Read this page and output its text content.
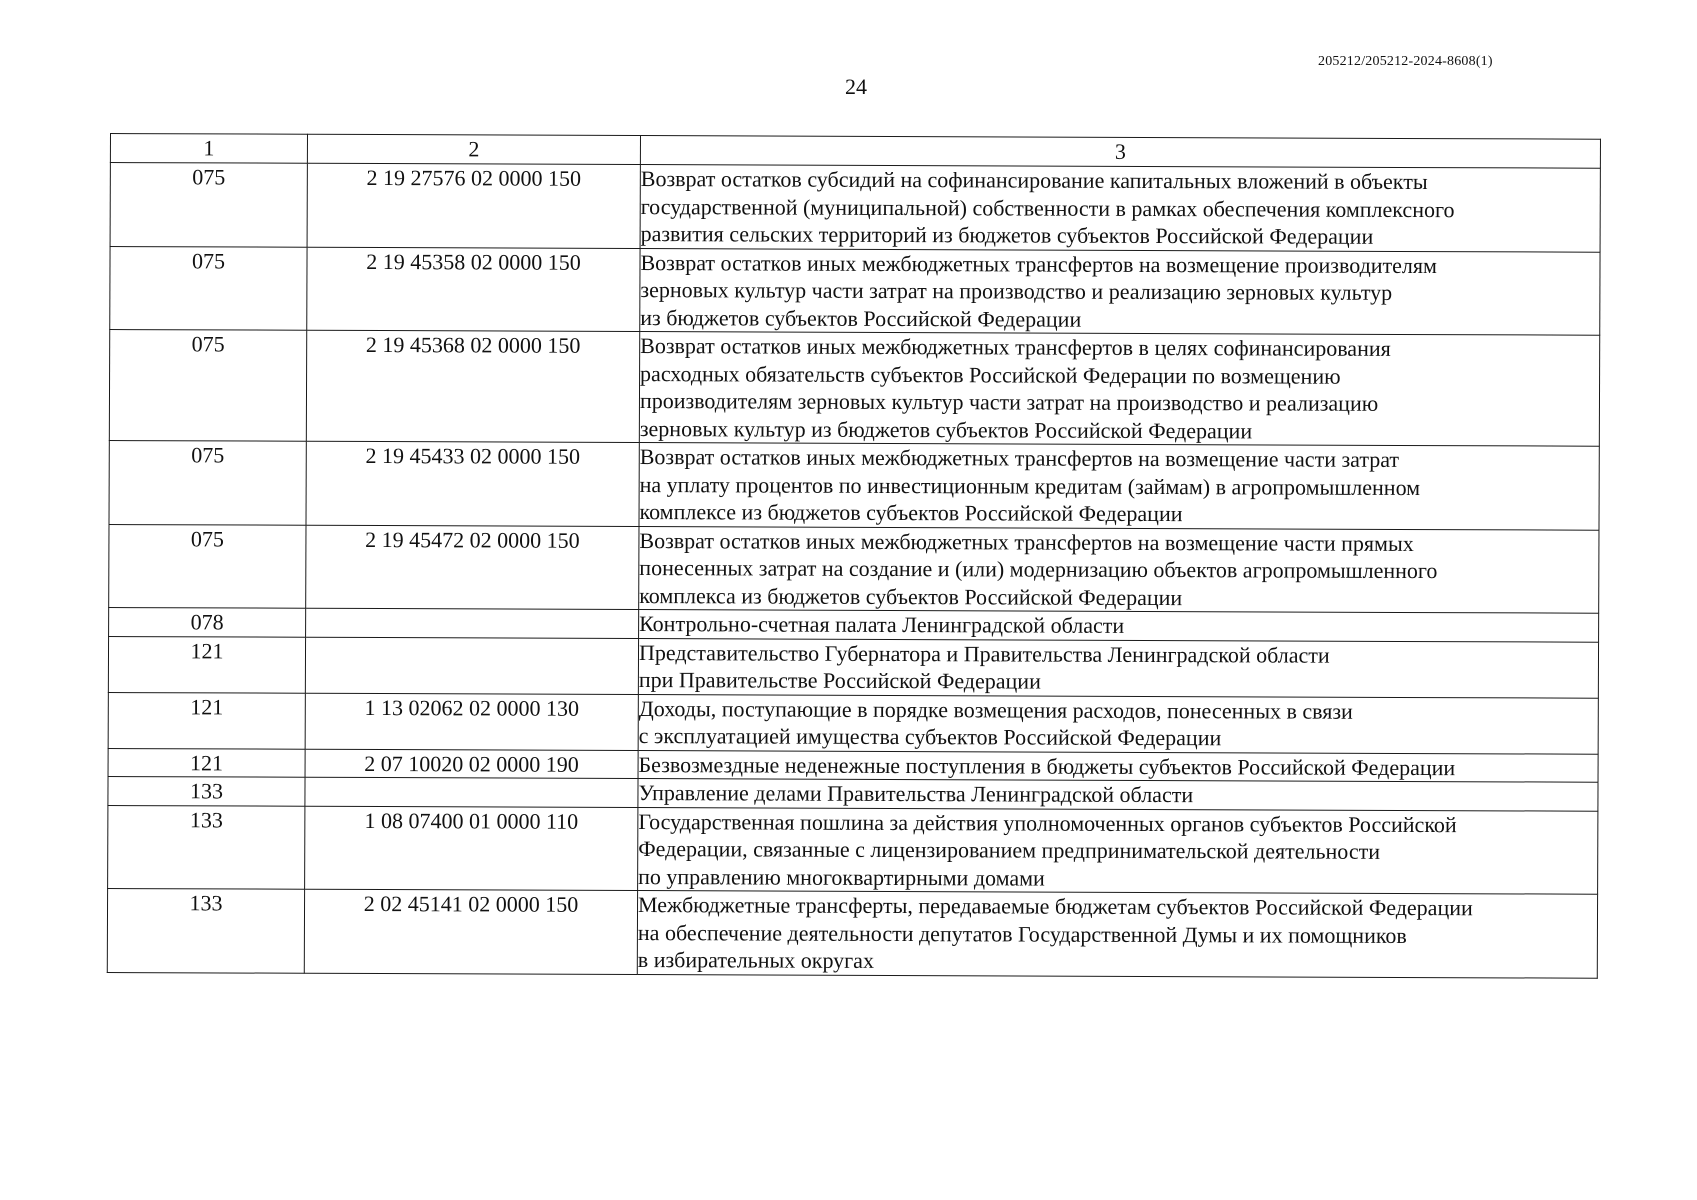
205212/205212-2024-8608(1)
24
1	2	3
075	2 19 27576 02 0000 150	Возврат остатков субсидий на софинансирование капитальных вложений в объекты
государственной (муниципальной) собственности в рамках обеспечения комплексного
развития сельских территорий из бюджетов субъектов Российской Федерации

075	2 19 45358 02 0000 150	Возврат остатков иных межбюджетных трансфертов на возмещение производителям
зерновых культур части затрат на производство и реализацию зерновых культур
из бюджетов субъектов Российской Федерации

075	2 19 45368 02 0000 150	Возврат остатков иных межбюджетных трансфертов в целях софинансирования
расходных обязательств субъектов Российской Федерации по возмещению
производителям зерновых культур части затрат на производство и реализацию
зерновых культур из бюджетов субъектов Российской Федерации

075	2 19 45433 02 0000 150	Возврат остатков иных межбюджетных трансфертов на возмещение части затрат
на уплату процентов по инвестиционным кредитам (займам) в агропромышленном
комплексе из бюджетов субъектов Российской Федерации

075	2 19 45472 02 0000 150	Возврат остатков иных межбюджетных трансфертов на возмещение части прямых
понесенных затрат на создание и (или) модернизацию объектов агропромышленного
комплекса из бюджетов субъектов Российской Федерации

078		Контрольно-счетная палата Ленинградской области

121		Представительство Губернатора и Правительства Ленинградской области
при Правительстве Российской Федерации

121	1 13 02062 02 0000 130	Доходы, поступающие в порядке возмещения расходов, понесенных в связи
с эксплуатацией имущества субъектов Российской Федерации

121	2 07 10020 02 0000 190	Безвозмездные неденежные поступления в бюджеты субъектов Российской Федерации

133		Управление делами Правительства Ленинградской области

133	1 08 07400 01 0000 110	Государственная пошлина за действия уполномоченных органов субъектов Российской
Федерации, связанные с лицензированием предпринимательской деятельности
по управлению многоквартирными домами

133	2 02 45141 02 0000 150	Межбюджетные трансферты, передаваемые бюджетам субъектов Российской Федерации
на обеспечение деятельности депутатов Государственной Думы и их помощников
в избирательных округах
